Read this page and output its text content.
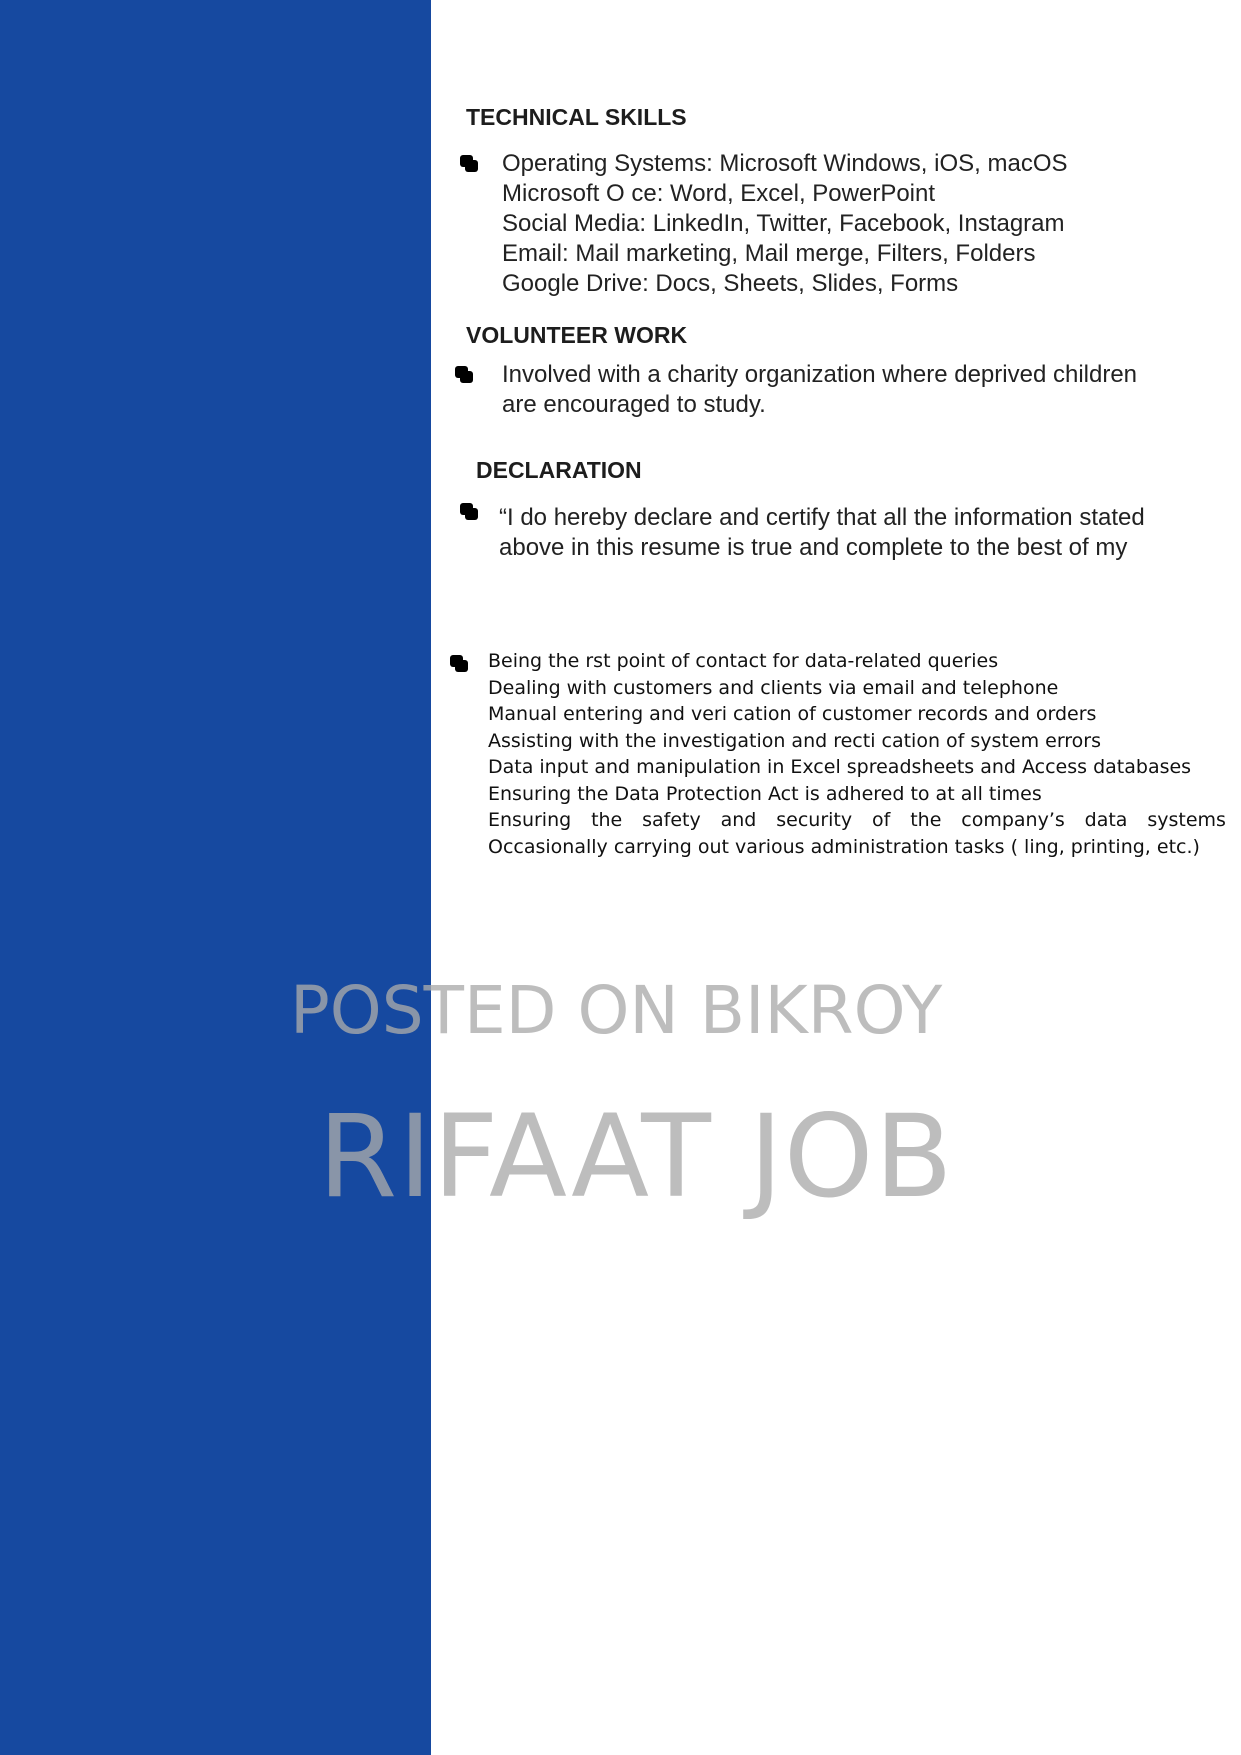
TECHNICAL SKILLS
Operating Systems: Microsoft Windows, iOS, macOS
Microsoft O ce: Word, Excel, PowerPoint
Social Media: LinkedIn, Twitter, Facebook, Instagram
Email: Mail marketing, Mail merge, Filters, Folders
Google Drive: Docs, Sheets, Slides, Forms
VOLUNTEER WORK
Involved with a charity organization where deprived children
are encouraged to study.
DECLARATION
“I do hereby declare and certify that all the information stated
above in this resume is true and complete to the best of my
Being the rst point of contact for data-related queries
Dealing with customers and clients via email and telephone
Manual entering and veri cation of customer records and orders
Assisting with the investigation and recti cation of system errors
Data input and manipulation in Excel spreadsheets and Access databases
Ensuring the Data Protection Act is adhered to at all times
Ensuring the safety and security of the company’s data systems
Occasionally carrying out various administration tasks ( ling, printing, etc.)
POSTED ON BIKROY
RIFAAT JOB
